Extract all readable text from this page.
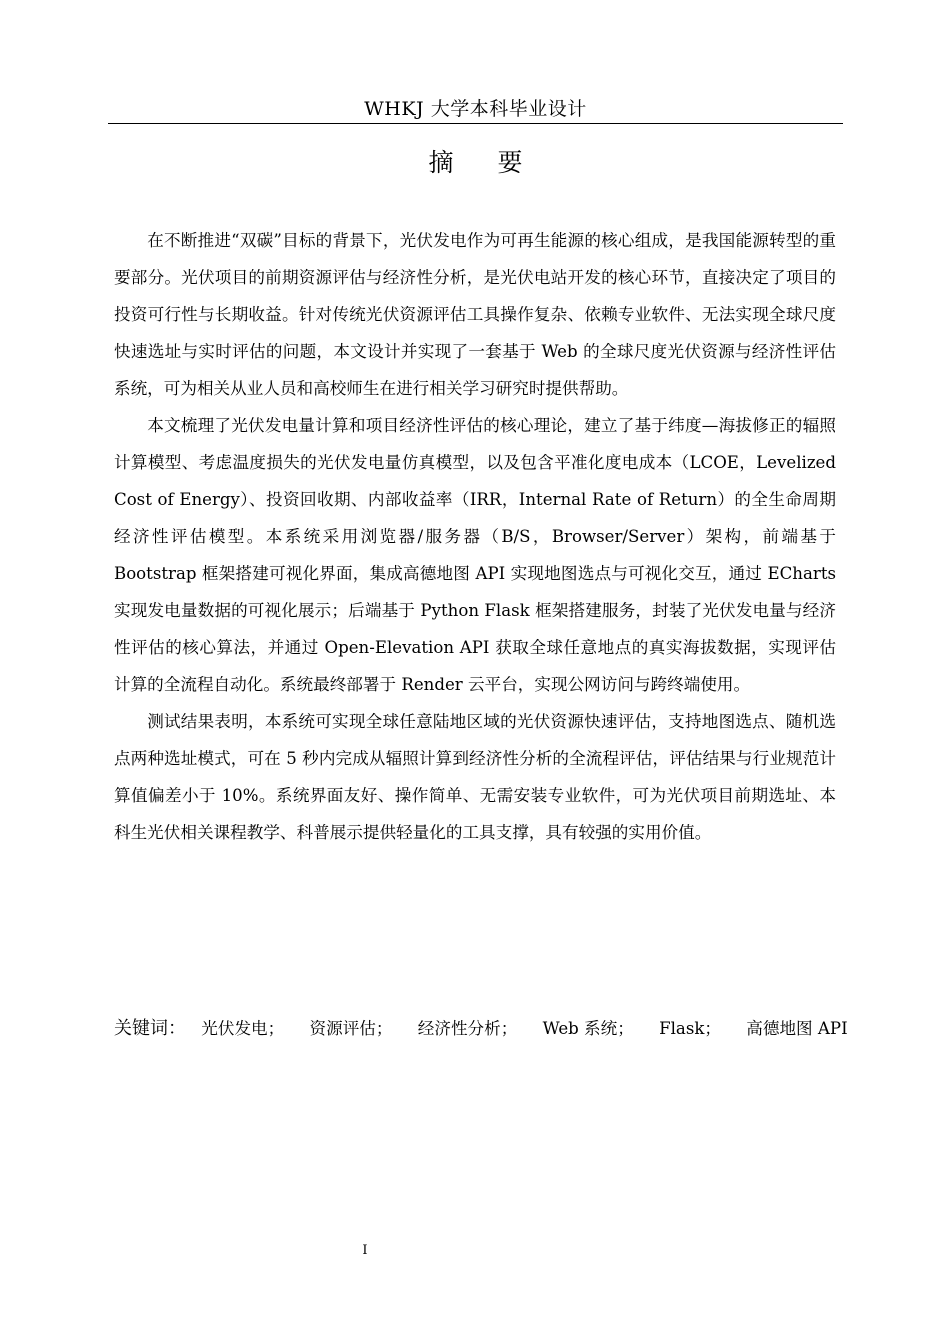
WHKJ 大学本科毕业设计
摘 要

在不断推进“双碳”目标的背景下，光伏发电作为可再生能源的核心组成，是我国能源转型的重要部分。光伏项目的前期资源评估与经济性分析，是光伏电站开发的核心环节，直接决定了项目的投资可行性与长期收益。针对传统光伏资源评估工具操作复杂、依赖专业软件、无法实现全球尺度快速选址与实时评估的问题，本文设计并实现了一套基于 Web 的全球尺度光伏资源与经济性评估系统，可为相关从业人员和高校师生在进行相关学习研究时提供帮助。

本文梳理了光伏发电量计算和项目经济性评估的核心理论，建立了基于纬度—海拔修正的辐照计算模型、考虑温度损失的光伏发电量仿真模型，以及包含平准化度电成本（LCOE，Levelized Cost of Energy）、投资回收期、内部收益率（IRR，Internal Rate of Return）的全生命周期经济性评估模型。本系统采用浏览器/服务器（B/S，Browser/Server）架构，前端基于 Bootstrap 框架搭建可视化界面，集成高德地图 API 实现地图选点与可视化交互，通过 ECharts 实现发电量数据的可视化展示；后端基于 Python Flask 框架搭建服务，封装了光伏发电量与经济性评估的核心算法，并通过 Open-Elevation API 获取全球任意地点的真实海拔数据，实现评估计算的全流程自动化。系统最终部署于 Render 云平台，实现公网访问与跨终端使用。

测试结果表明，本系统可实现全球任意陆地区域的光伏资源快速评估，支持地图选点、随机选点两种选址模式，可在 5 秒内完成从辐照计算到经济性分析的全流程评估，评估结果与行业规范计算值偏差小于 10%。系统界面友好、操作简单、无需安装专业软件，可为光伏项目前期选址、本科生光伏相关课程教学、科普展示提供轻量化的工具支撑，具有较强的实用价值。

关键词： 光伏发电； 资源评估； 经济性分析； Web 系统； Flask； 高德地图 API
I
